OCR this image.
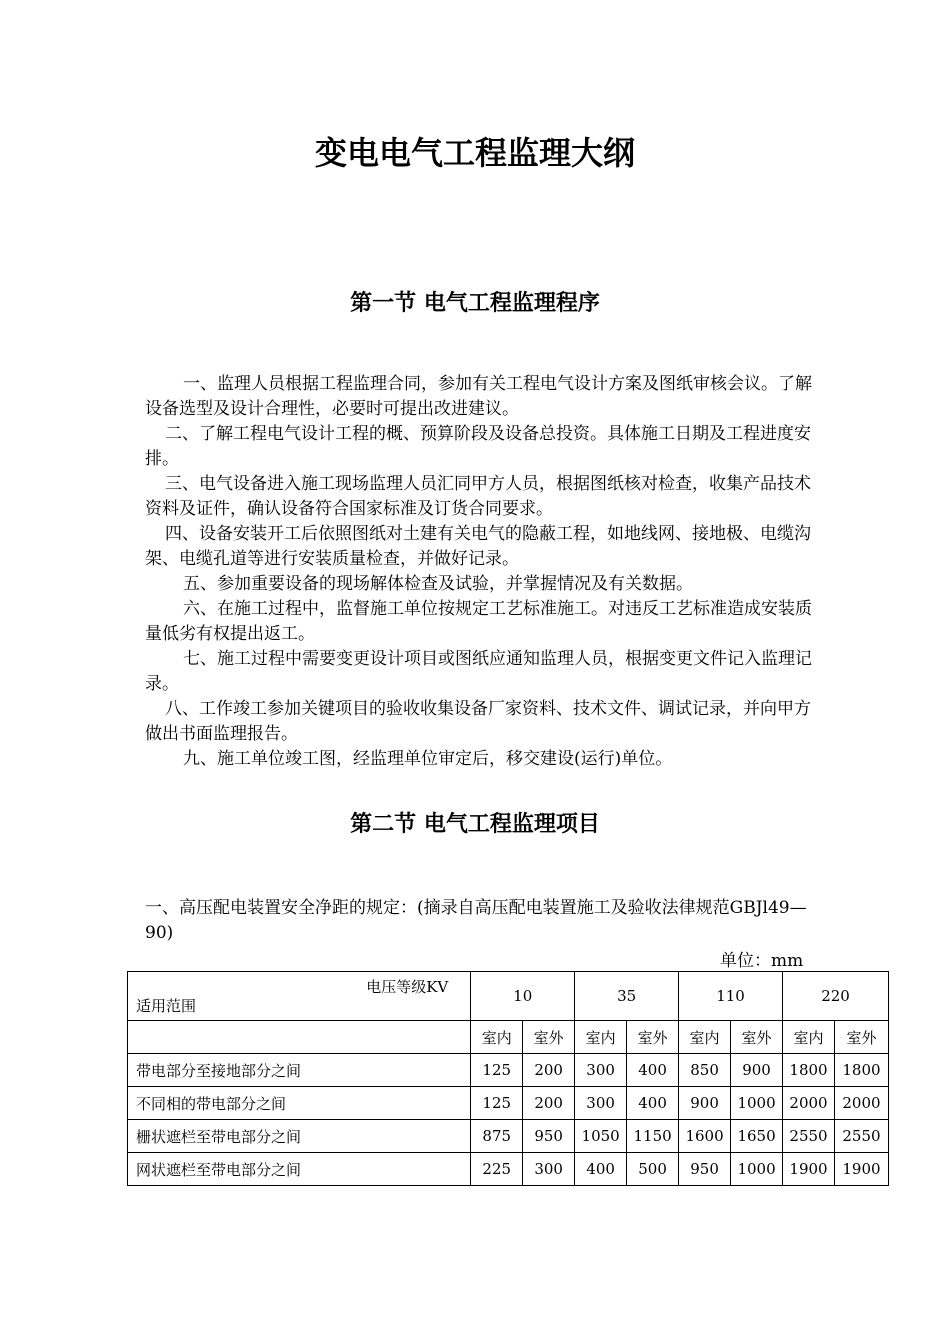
变电电气工程监理大纲
第一节 电气工程监理程序

一、监理人员根据工程监理合同，参加有关工程电气设计方案及图纸审核会议。了解设备选型及设计合理性，必要时可提出改进建议。

二、了解工程电气设计工程的概、预算阶段及设备总投资。具体施工日期及工程进度安排。

三、电气设备进入施工现场监理人员汇同甲方人员，根据图纸核对检查，收集产品技术资料及证件，确认设备符合国家标准及订货合同要求。

四、设备安装开工后依照图纸对土建有关电气的隐蔽工程，如地线网、接地极、电缆沟架、电缆孔道等进行安装质量检查，并做好记录。

五、参加重要设备的现场解体检查及试验，并掌握情况及有关数据。

六、在施工过程中，监督施工单位按规定工艺标准施工。对违反工艺标准造成安装质量低劣有权提出返工。

七、施工过程中需要变更设计项目或图纸应通知监理人员，根据变更文件记入监理记录。

八、工作竣工参加关键项目的验收收集设备厂家资料、技术文件、调试记录，并向甲方做出书面监理报告。

九、施工单位竣工图，经监理单位审定后，移交建设(运行)单位。

第二节 电气工程监理项目

一、高压配电装置安全净距的规定：(摘录自高压配电装置施工及验收法律规范GBJl49—90)

单位：mm
电压等级KV
适用范围	10		35		110		220	
	室内	室外	室内	室外	室内	室外	室内	室外
带电部分至接地部分之间	125	200	300	400	850	900	1800	1800
不同相的带电部分之间	125	200	300	400	900	1000	2000	2000
栅状遮栏至带电部分之间	875	950	1050	1150	1600	1650	2550	2550
网状遮栏至带电部分之间	225	300	400	500	950	1000	1900	1900
